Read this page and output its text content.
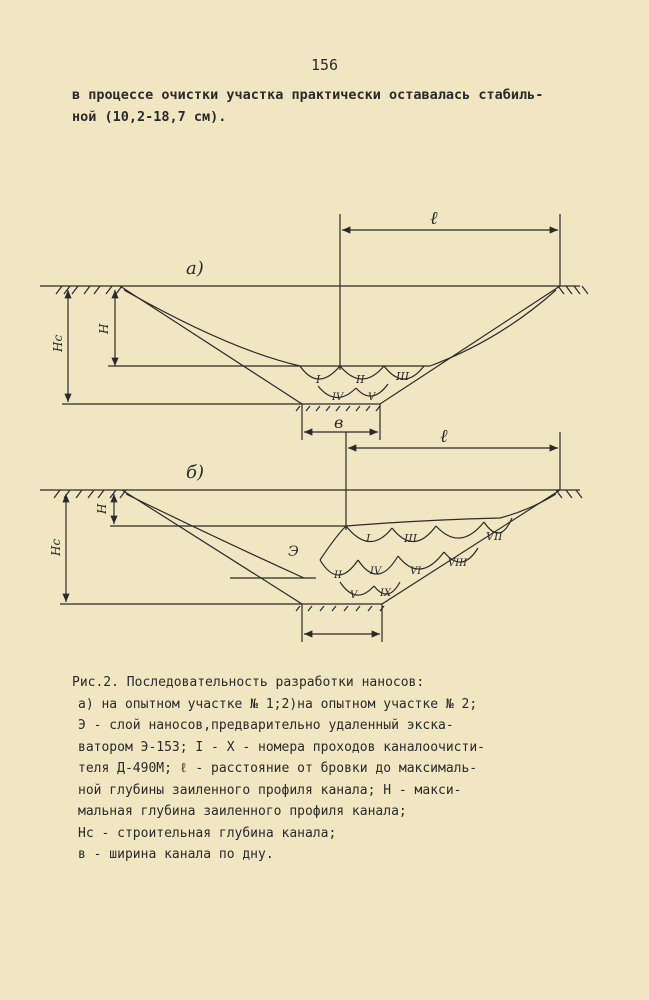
156
в процессе очистки участка практически оставалась стабиль-
ной (10,2-18,7 см).
а)
ℓ
H
Hc
в
I	II	III
IV V
б)
ℓ
H
Hc	Э
I
II
III
IV
V
VI
VII
VIII
IX
Рис.2. Последовательность разработки наносов:
а) на опытном участке № 1;2)на опытном участке № 2;
Э - слой наносов,предварительно удаленный экска-
ватором Э-153; I - X - номера проходов каналоочисти-
теля Д-490М; ℓ - расстояние от бровки до максималь-
ной глубины заиленного профиля канала; H - макси-
мальная глубина заиленного профиля канала;
Нс - строительная глубина канала;
в - ширина канала по дну.
